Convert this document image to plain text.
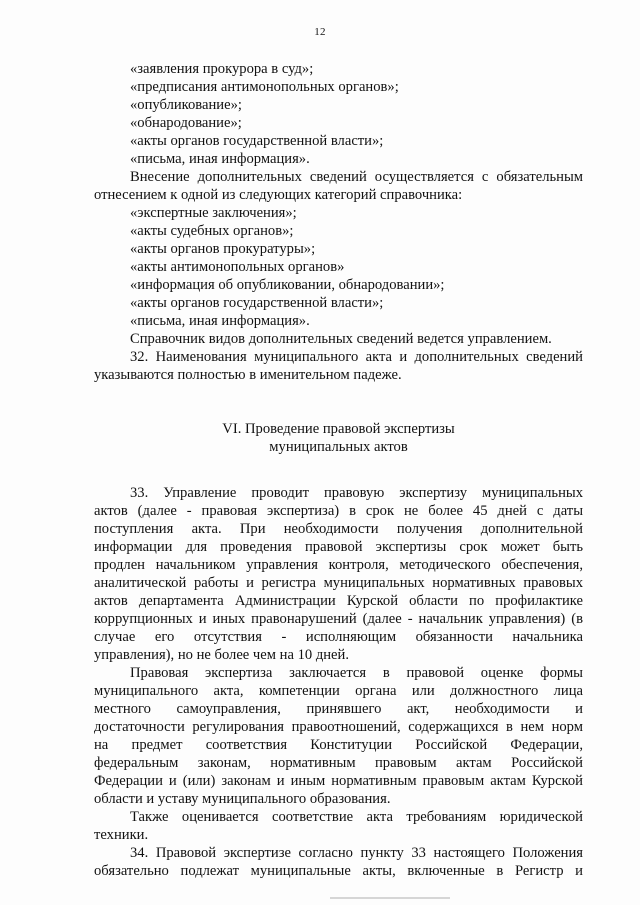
12
«заявления прокурора в суд»;
«предписания антимонопольных органов»;
«опубликование»;
«обнародование»;
«акты органов государственной власти»;
«письма, иная информация».
Внесение дополнительных сведений осуществляется с обязательным
отнесением к одной из следующих категорий справочника:
«экспертные заключения»;
«акты судебных органов»;
«акты органов прокуратуры»;
«акты антимонопольных органов»
«информация об опубликовании, обнародовании»;
«акты органов государственной власти»;
«письма, иная информация».
Справочник видов дополнительных сведений ведется управлением.
32. Наименования муниципального акта и дополнительных сведений
указываются полностью в именительном падеже.
VI. Проведение правовой экспертизы
муниципальных актов
33. Управление проводит правовую экспертизу муниципальных
актов (далее - правовая экспертиза) в срок не более 45 дней с даты
поступления акта. При необходимости получения дополнительной
информации для проведения правовой экспертизы срок может быть
продлен начальником управления контроля, методического обеспечения,
аналитической работы и регистра муниципальных нормативных правовых
актов департамента Администрации Курской области по профилактике
коррупционных и иных правонарушений (далее - начальник управления) (в
случае его отсутствия - исполняющим обязанности начальника
управления), но не более чем на 10 дней.
Правовая экспертиза заключается в правовой оценке формы
муниципального акта, компетенции органа или должностного лица
местного самоуправления, принявшего акт, необходимости и
достаточности регулирования правоотношений, содержащихся в нем норм
на предмет соответствия Конституции Российской Федерации,
федеральным законам, нормативным правовым актам Российской
Федерации и (или) законам и иным нормативным правовым актам Курской
области и уставу муниципального образования.
Также оценивается соответствие акта требованиям юридической
техники.
34. Правовой экспертизе согласно пункту 33 настоящего Положения
обязательно подлежат муниципальные акты, включенные в Регистр и
